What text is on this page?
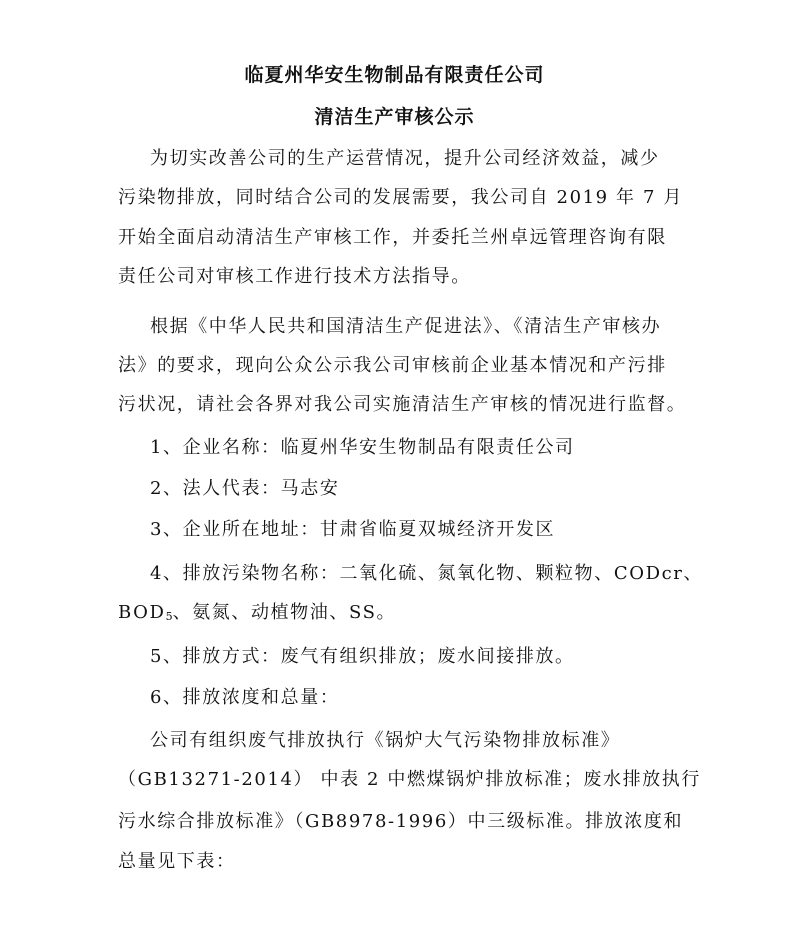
临夏州华安生物制品有限责任公司
清洁生产审核公示
为切实改善公司的生产运营情况，提升公司经济效益，减少
污染物排放，同时结合公司的发展需要，我公司自 2019 年 7 月
开始全面启动清洁生产审核工作，并委托兰州卓远管理咨询有限
责任公司对审核工作进行技术方法指导。
根据《中华人民共和国清洁生产促进法》、《清洁生产审核办
法》的要求，现向公众公示我公司审核前企业基本情况和产污排
污状况，请社会各界对我公司实施清洁生产审核的情况进行监督。
1、企业名称：临夏州华安生物制品有限责任公司
2、法人代表：马志安
3、企业所在地址：甘肃省临夏双城经济开发区
4、排放污染物名称：二氧化硫、氮氧化物、颗粒物、CODcr、
$BOD_5$、氨氮、动植物油、SS。
5、排放方式：废气有组织排放；废水间接排放。
6、排放浓度和总量：
公司有组织废气排放执行《锅炉大气污染物排放标准》
（GB13271-2014） 中表 2 中燃煤锅炉排放标准；废水排放执行
污水综合排放标准》（GB8978-1996）中三级标准。排放浓度和
总量见下表：
